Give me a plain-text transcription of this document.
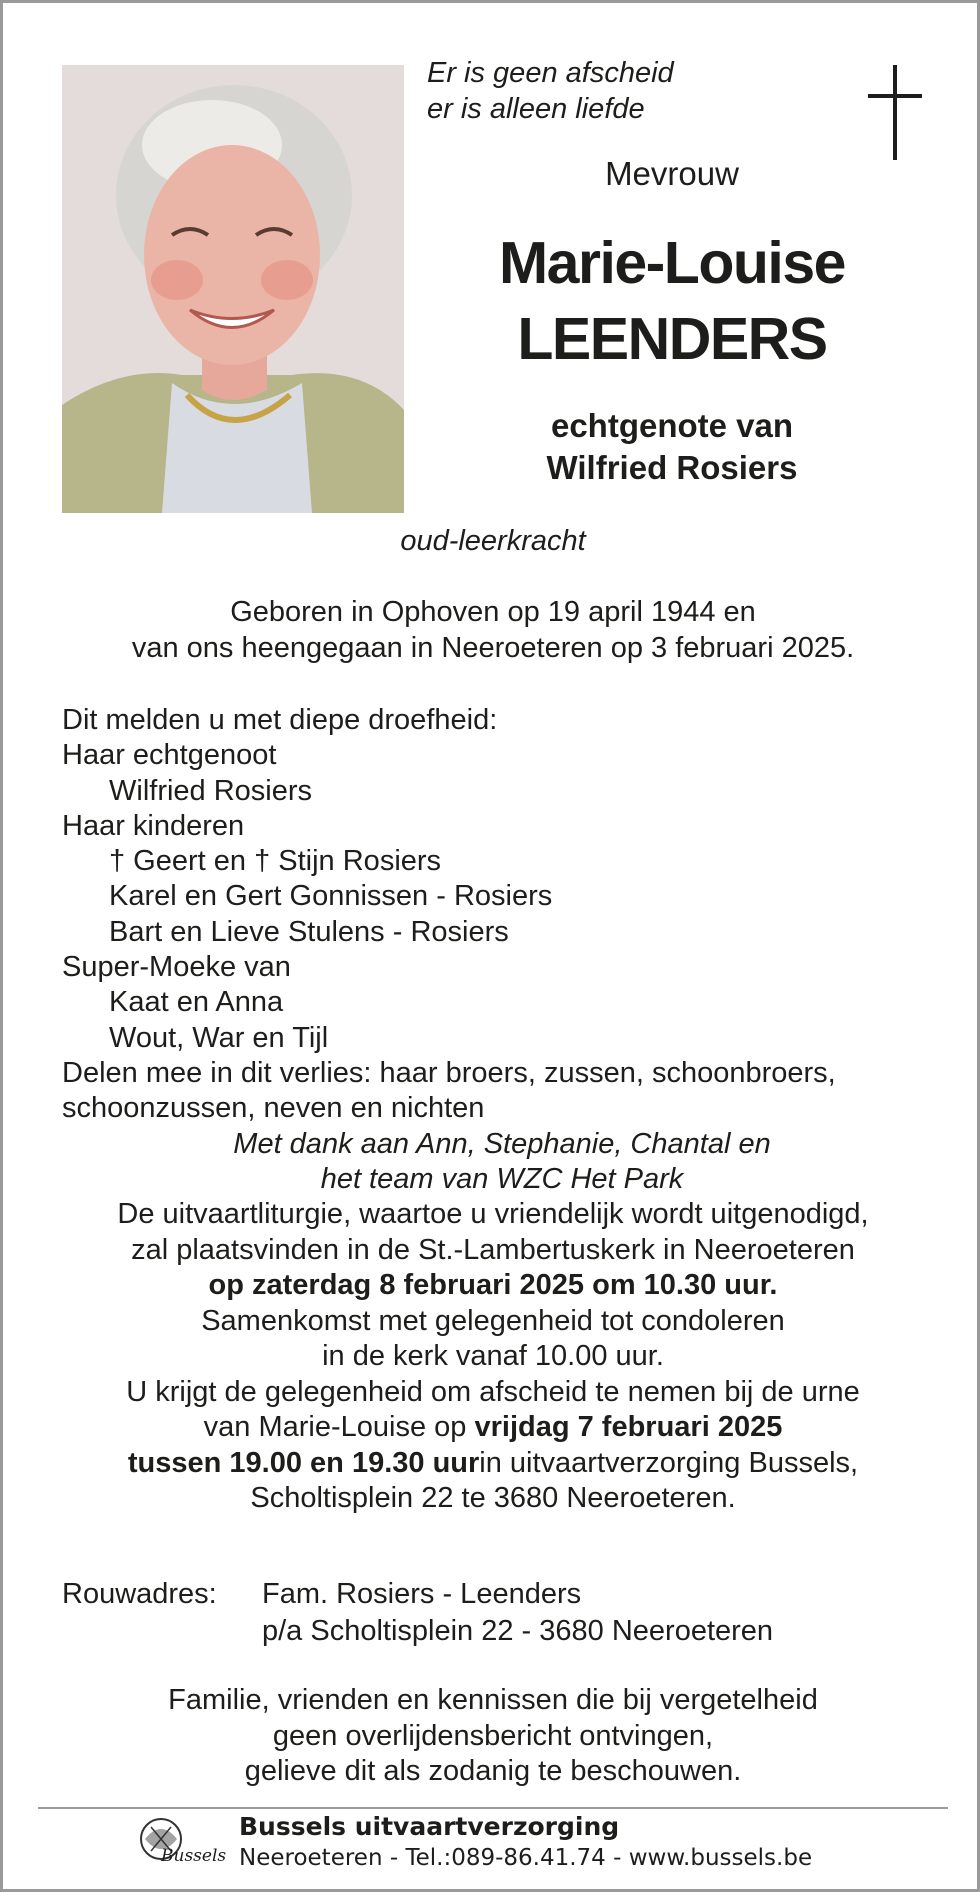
Er is geen afscheid
er is alleen liefde
Mevrouw
Marie-Louise
LEENDERS
echtgenote van
Wilfried Rosiers
oud-leerkracht
Geboren in Ophoven op 19 april 1944 en
van ons heengegaan in Neeroeteren op 3 februari 2025.
Dit melden u met diepe droefheid:
Haar echtgenoot
Wilfried Rosiers
Haar kinderen
† Geert en † Stijn Rosiers
Karel en Gert Gonnissen - Rosiers
Bart en Lieve Stulens - Rosiers
Super-Moeke van
Kaat en Anna
Wout, War en Tijl
Delen mee in dit verlies: haar broers, zussen, schoonbroers,
schoonzussen, neven en nichten
Met dank aan Ann, Stephanie, Chantal en
het team van WZC Het Park
De uitvaartliturgie, waartoe u vriendelijk wordt uitgenodigd,
zal plaatsvinden in de St.-Lambertuskerk in Neeroeteren
op zaterdag 8 februari 2025 om 10.30 uur.
Samenkomst met gelegenheid tot condoleren
in de kerk vanaf 10.00 uur.
U krijgt de gelegenheid om afscheid te nemen bij de urne
van Marie-Louise op vrijdag 7 februari 2025
tussen 19.00 en 19.30 uurin uitvaartverzorging Bussels,
Scholtisplein 22 te 3680 Neeroeteren.
Rouwadres: Fam. Rosiers - Leenders
p/a Scholtisplein 22 - 3680 Neeroeteren
Familie, vrienden en kennissen die bij vergetelheid
geen overlijdensbericht ontvingen,
gelieve dit als zodanig te beschouwen.
Bussels
Bussels uitvaartverzorging
Neeroeteren - Tel.:089-86.41.74 - www.bussels.be
